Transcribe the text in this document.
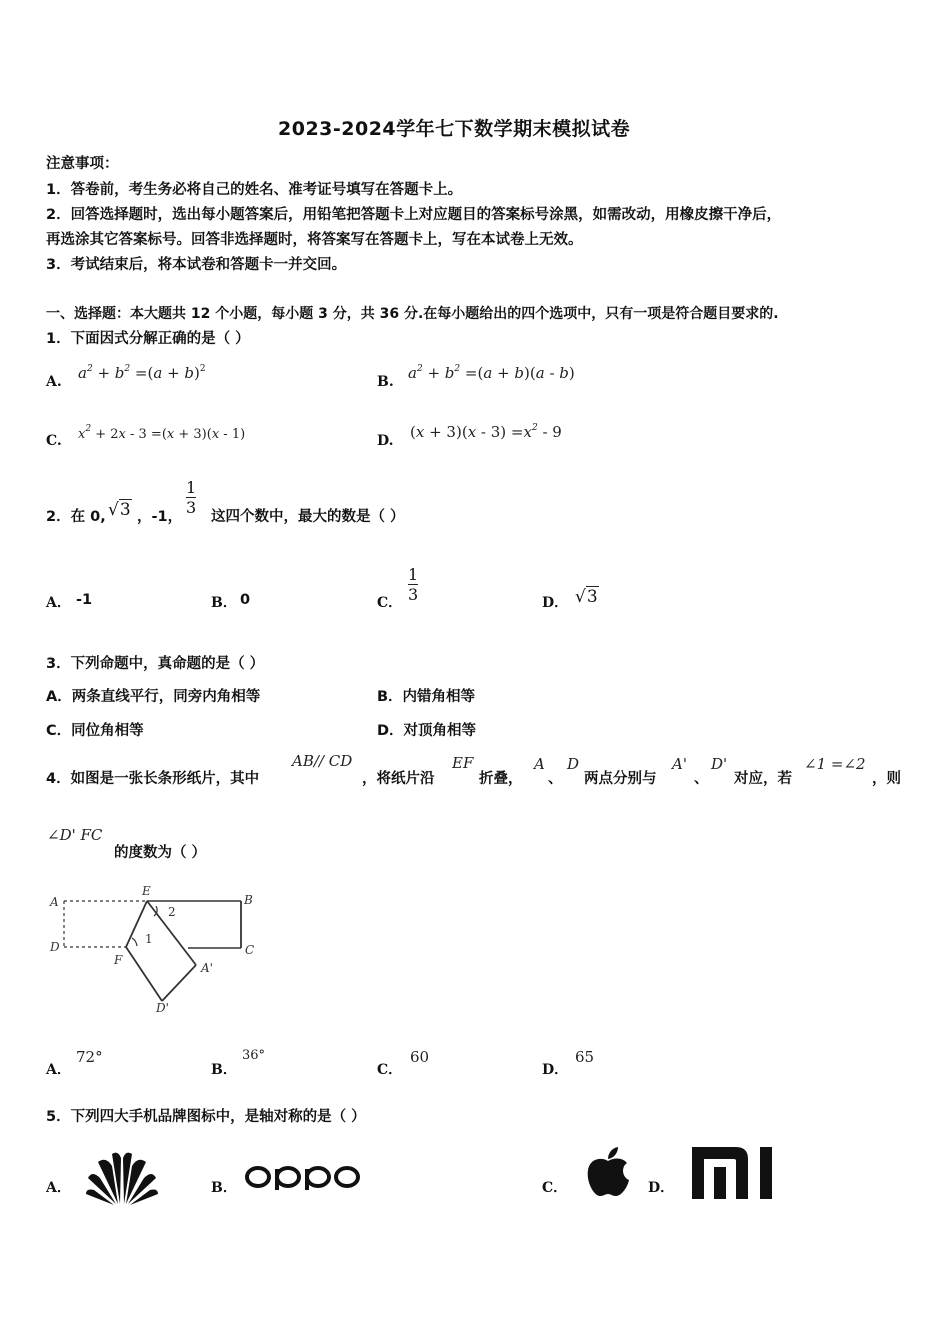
2023-2024学年七下数学期末模拟试卷
注意事项：
1．答卷前，考生务必将自己的姓名、准考证号填写在答题卡上。
2．回答选择题时，选出每小题答案后，用铅笔把答题卡上对应题目的答案标号涂黑，如需改动，用橡皮擦干净后，
再选涂其它答案标号。回答非选择题时，将答案写在答题卡上，写在本试卷上无效。
3．考试结束后，将本试卷和答题卡一并交回。
一、选择题：本大题共 12 个小题，每小题 3 分，共 36 分.在每小题给出的四个选项中，只有一项是符合题目要求的.
1．下面因式分解正确的是（ ）
A. $a^2 + b^2 =(a + b)^2$
B. $a^2 + b^2 =(a + b)(a - b)$
C. $x^2 + 2x - 3 =(x + 3)(x - 1)$	D. $(x + 3)(x - 3) =x^2 - 9$
2．在 0, √3 ，-1， $\frac{1}{3}$ 这四个数中，最大的数是（ ）
A． -1	B． 0	C． $\frac{1}{3}$	D． √3
3．下列命题中，真命题的是（ ）
A．两条直线平行，同旁内角相等	B．内错角相等
C．同位角相等	D．对顶角相等
4．如图是一张长条形纸片，其中
AB// CD
，将纸片沿
EF
折叠，
A
、
D
两点分别与
A'
、
D'
对应，若
∠1 =∠2
，则
∠D' FC
的度数为（ ）
A
D
E
B
C
F
A'
D'
2
1
A．
72°
B．
36°
C．
60
D．
65
5．下列四大手机品牌图标中，是轴对称的是（ ）
A．	B．	C．	D．
